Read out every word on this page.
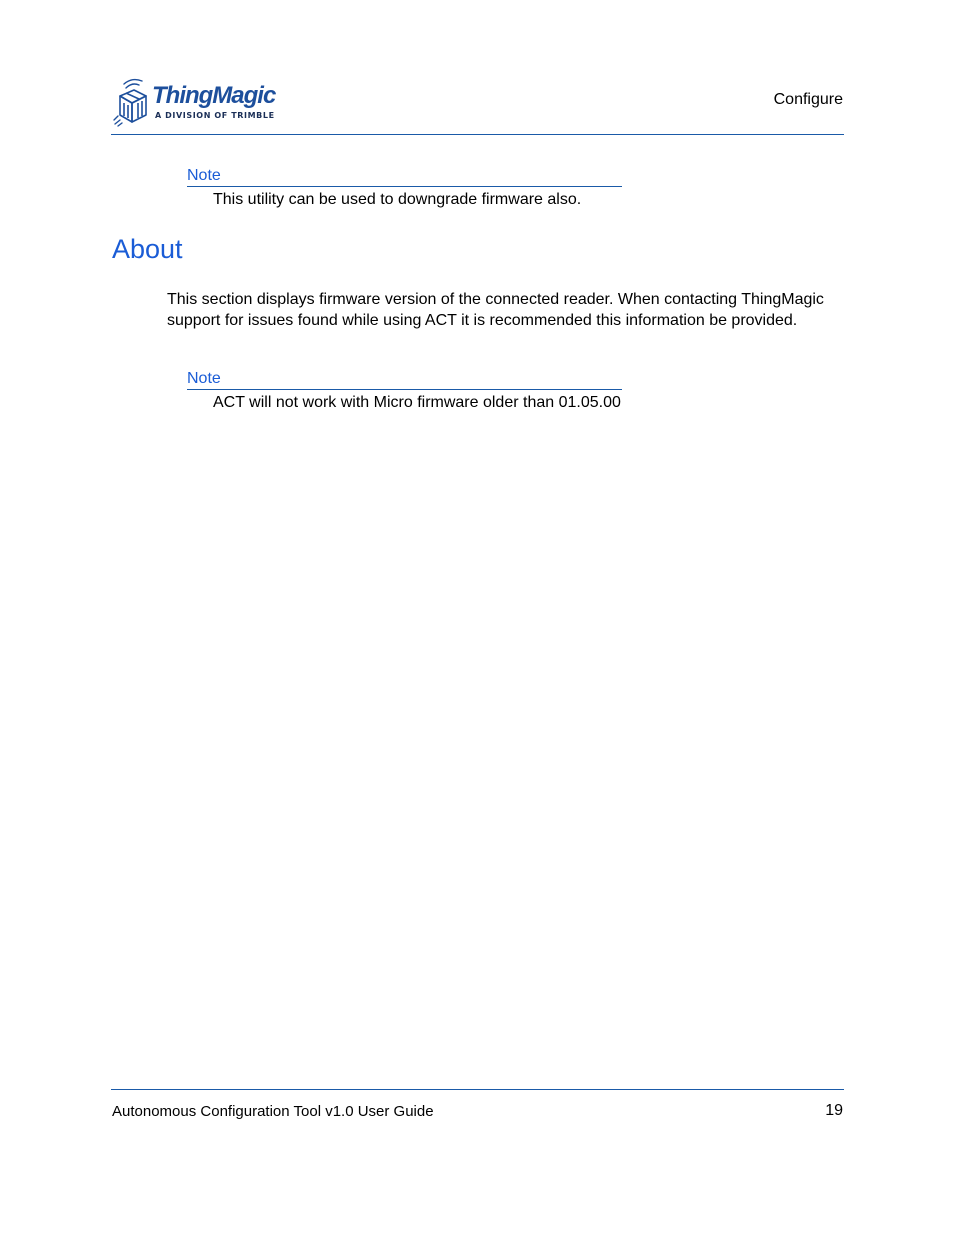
ThingMagic
A DIVISION OF TRIMBLE
Configure
Note
This utility can be used to downgrade firmware also.
About

This section displays firmware version of the connected reader. When contacting ThingMagic support for issues found while using ACT it is recommended this information be provided.

Note
ACT will not work with Micro firmware older than 01.05.00
Autonomous Configuration Tool v1.0 User Guide	19
